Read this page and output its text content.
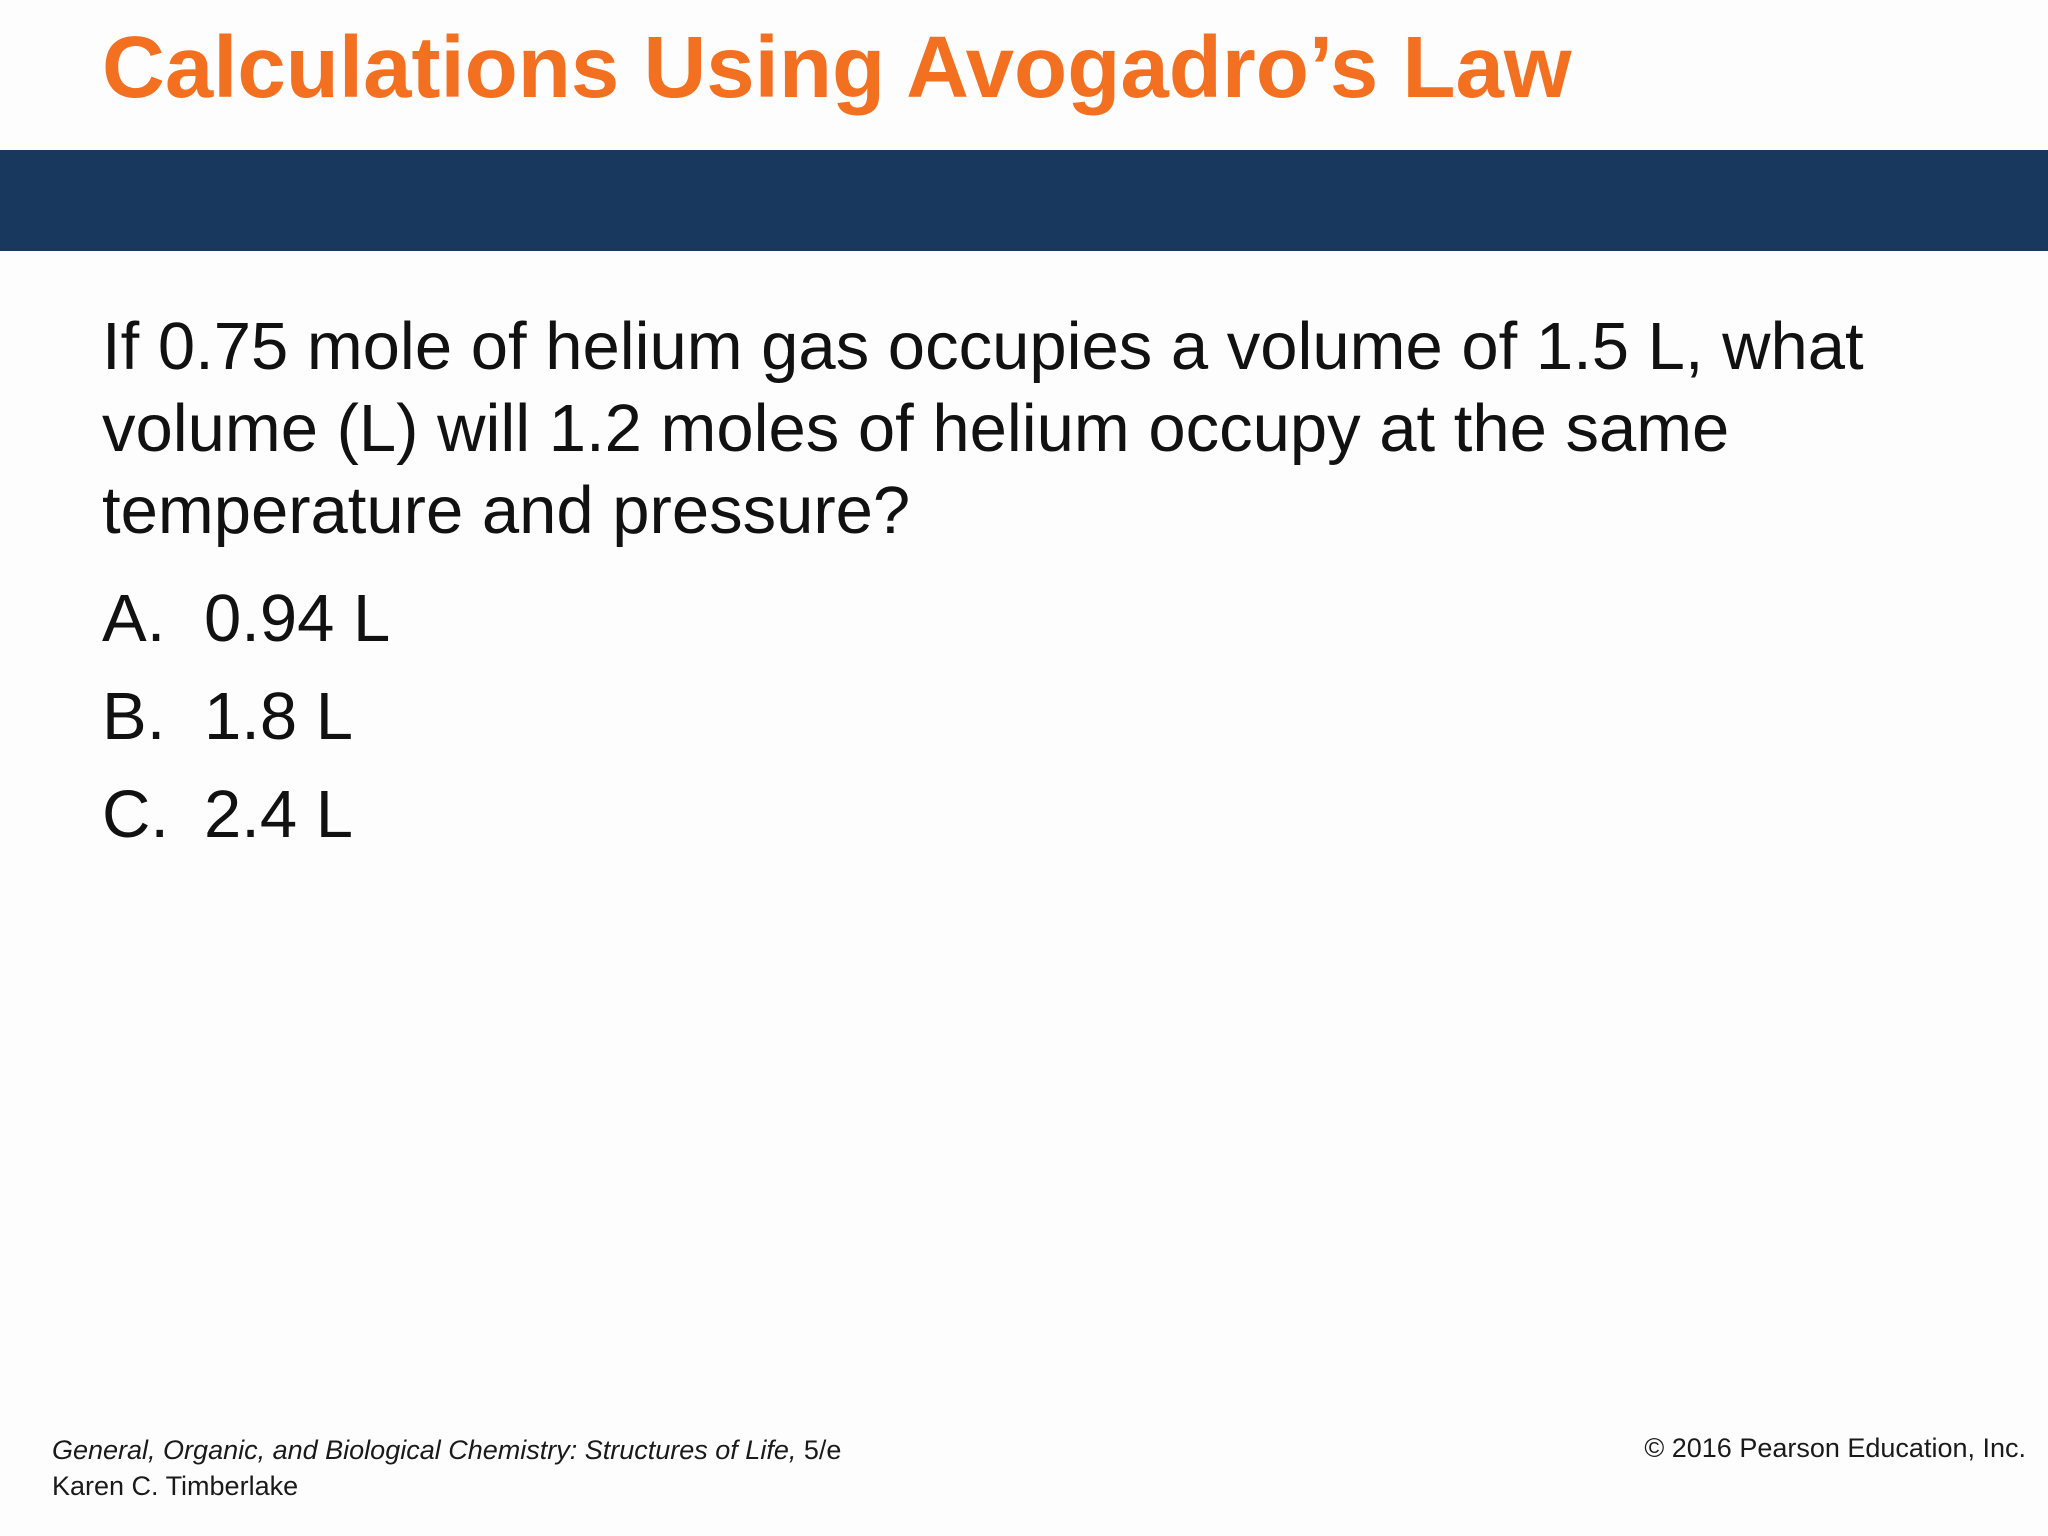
Calculations Using Avogadro’s Law

If 0.75 mole of helium gas occupies a volume of 1.5 L, what volume (L) will 1.2 moles of helium occupy at the same temperature and pressure?

A. 0.94 L
B. 1.8 L
C. 2.4 L
General, Organic, and Biological Chemistry: Structures of Life, 5/e
Karen C. Timberlake
© 2016 Pearson Education, Inc.
